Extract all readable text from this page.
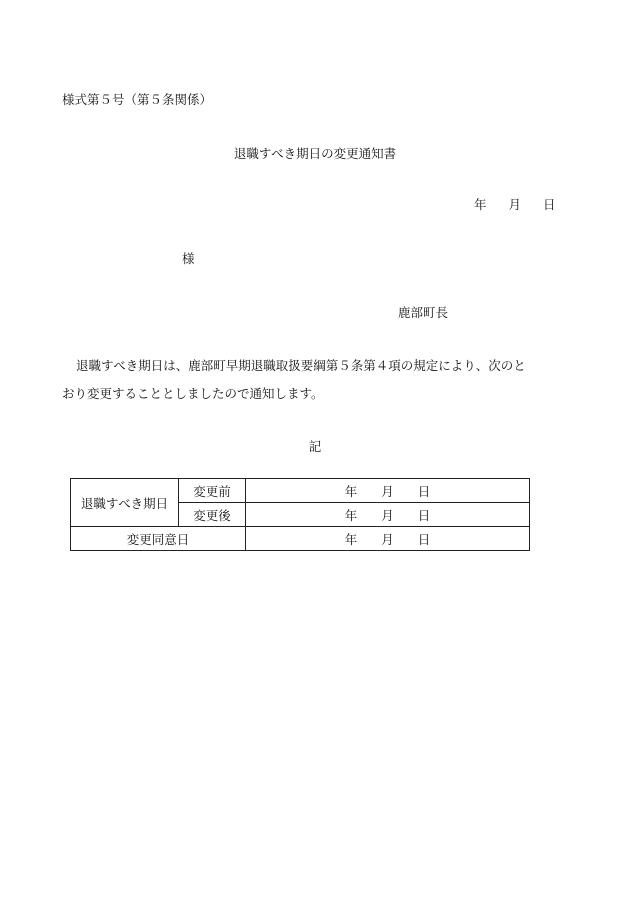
様式第５号（第５条関係）
退職すべき期日の変更通知書
年 月 日
様
鹿部町長
退職すべき期日は、鹿部町早期退職取扱要綱第５条第４項の規定により、次のと
おり変更することとしましたので通知します。
記
退職すべき期日	変更前	年 月 日
	変更後	年 月 日
変更同意日		年 月 日
